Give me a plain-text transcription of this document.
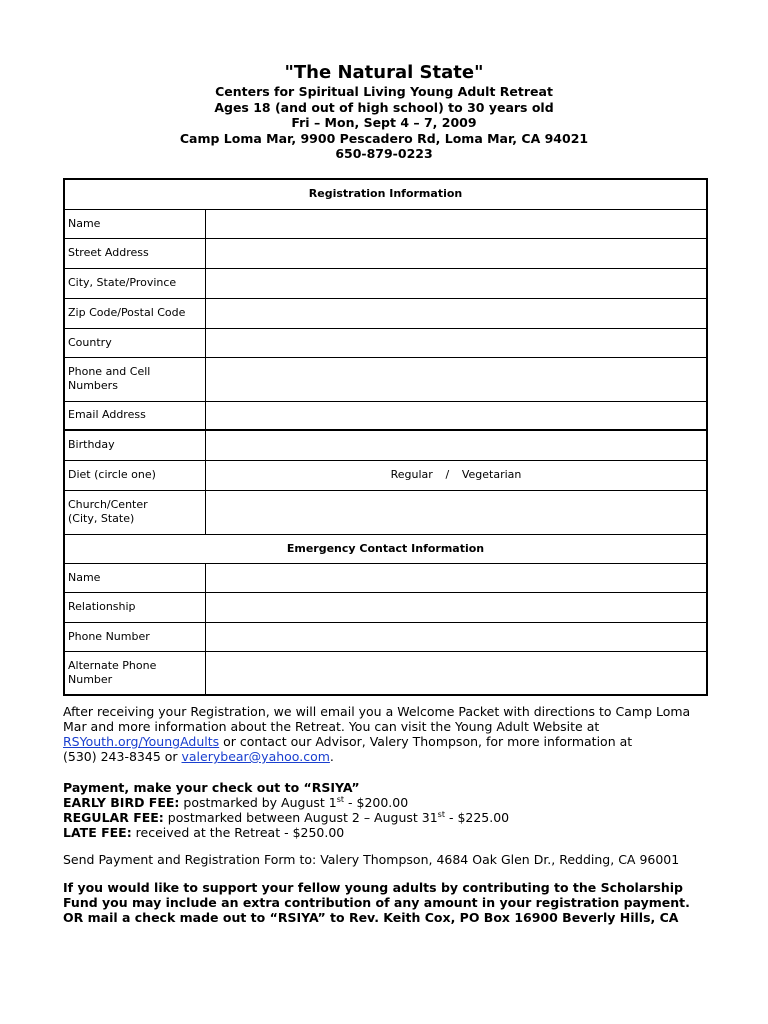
"The Natural State"
Centers for Spiritual Living Young Adult Retreat
Ages 18 (and out of high school) to 30 years old
Fri – Mon, Sept 4 – 7, 2009
Camp Loma Mar, 9900 Pescadero Rd, Loma Mar, CA 94021
650-879-0223
Registration Information	
Name	
Street Address	
City, State/Province	
Zip Code/Postal Code	
Country	

Phone and Cell
Numbers	

Email Address	
Birthday	
Diet (circle one)	Regular / Vegetarian

Church/Center
(City, State)	

Emergency Contact Information	
Name	
Relationship	
Phone Number	

Alternate Phone
Number	

After receiving your Registration, we will email you a Welcome Packet with directions to Camp Loma
Mar and more information about the Retreat. You can visit the Young Adult Website at
RSYouth.org/YoungAdults or contact our Advisor, Valery Thompson, for more information at
(530) 243-8345 or valerybear@yahoo.com.
Payment, make your check out to “RSIYA”
EARLY BIRD FEE: postmarked by August 1st - $200.00
REGULAR FEE: postmarked between August 2 – August 31st - $225.00
LATE FEE: received at the Retreat - $250.00
Send Payment and Registration Form to: Valery Thompson, 4684 Oak Glen Dr., Redding, CA 96001
If you would like to support your fellow young adults by contributing to the Scholarship
Fund you may include an extra contribution of any amount in your registration payment.
OR mail a check made out to “RSIYA” to Rev. Keith Cox, PO Box 16900 Beverly Hills, CA
